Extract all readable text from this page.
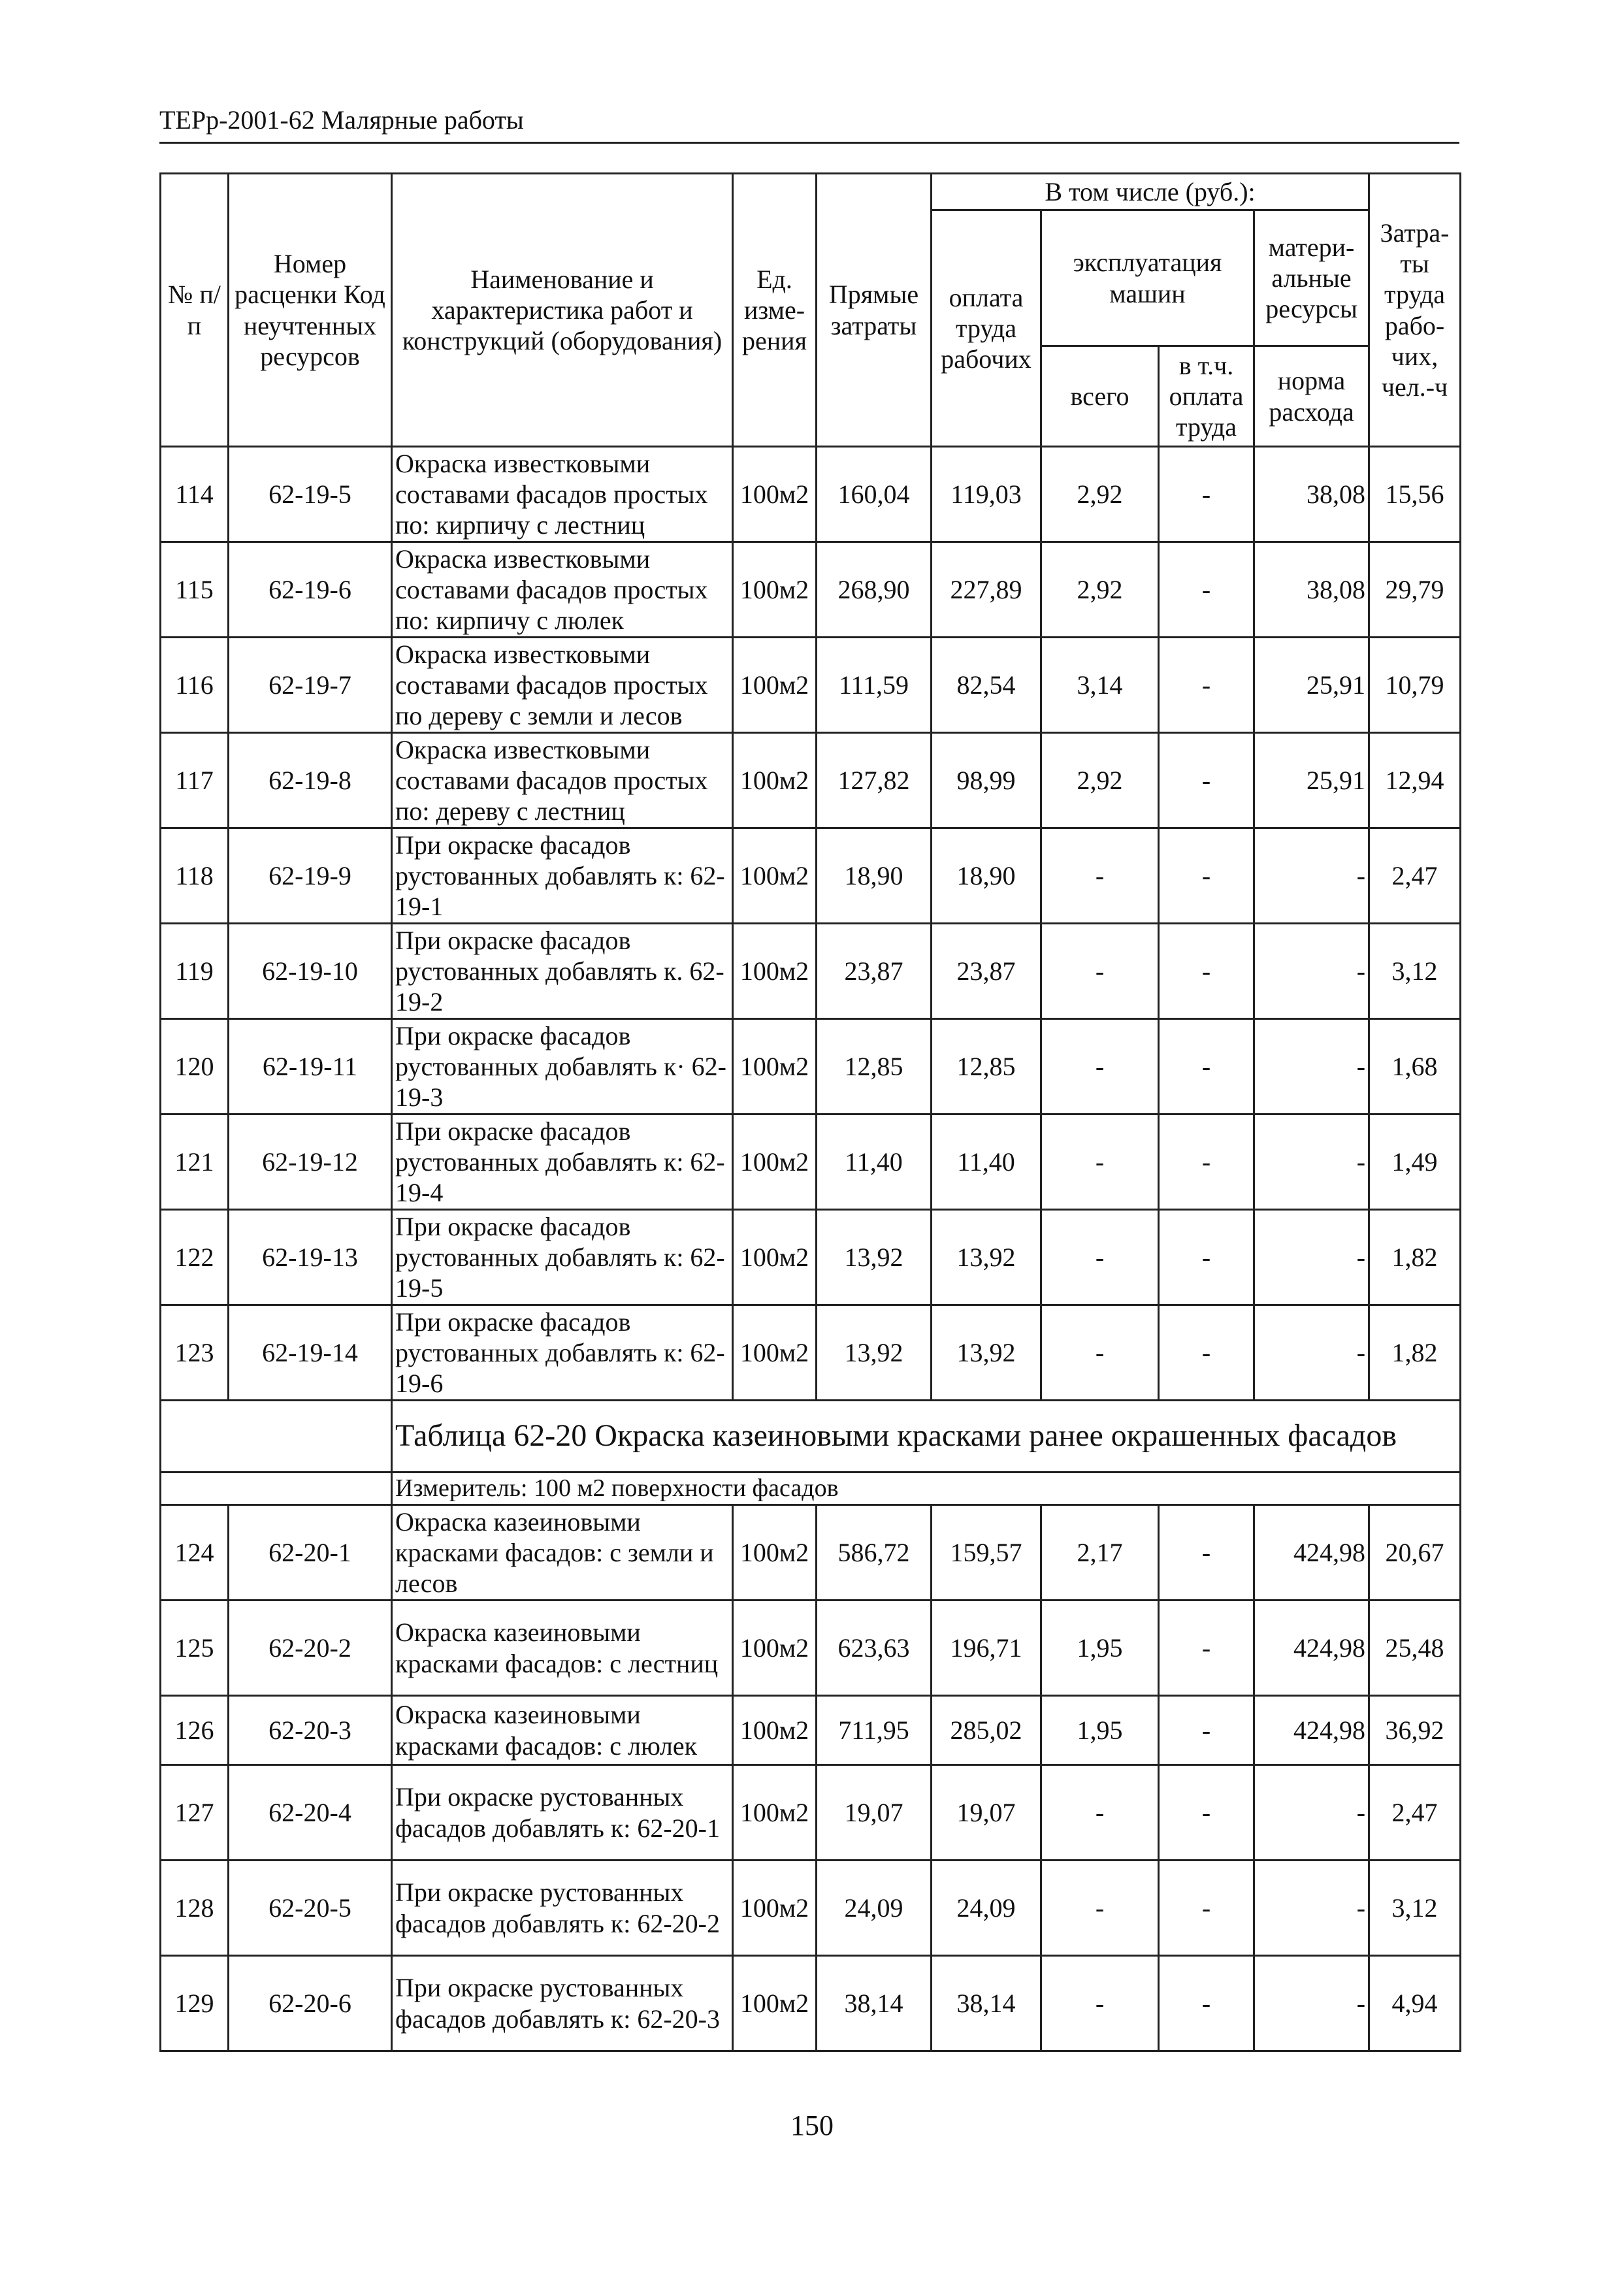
ТЕРр-2001-62 Малярные работы
№ п/п	Номер расценки Код неучтенных ресурсов	Наименование и характеристика работ и конструкций (оборудования)	Ед. изме-рения	Прямые затраты	В том числе (руб.):				Затра-ты труда рабо-чих, чел.-ч
					оплата труда рабочих	эксплуатация машин		матери-альные ресурсы	
						всего	в т.ч. оплата труда	норма расхода	

114	62-19-5	Окраска известковыми составами фасадов простых по: кирпичу с лестниц	100м2	160,04	119,03	2,92	-	38,08	15,56
115	62-19-6	Окраска известковыми составами фасадов простых по: кирпичу с люлек	100м2	268,90	227,89	2,92	-	38,08	29,79
116	62-19-7	Окраска известковыми составами фасадов простых по дереву с земли и лесов	100м2	111,59	82,54	3,14	-	25,91	10,79
117	62-19-8	Окраска известковыми составами фасадов простых по: дереву с лестниц	100м2	127,82	98,99	2,92	-	25,91	12,94
118	62-19-9	При окраске фасадов рустованных добавлять к: 62-19-1	100м2	18,90	18,90	-	-	-	2,47
119	62-19-10	При окраске фасадов рустованных добавлять к. 62-19-2	100м2	23,87	23,87	-	-	-	3,12
120	62-19-11	При окраске фасадов рустованных добавлять к· 62-19-3	100м2	12,85	12,85	-	-	-	1,68
121	62-19-12	При окраске фасадов рустованных добавлять к: 62-19-4	100м2	11,40	11,40	-	-	-	1,49
122	62-19-13	При окраске фасадов рустованных добавлять к: 62-19-5	100м2	13,92	13,92	-	-	-	1,82
123	62-19-14	При окраске фасадов рустованных добавлять к: 62-19-6	100м2	13,92	13,92	-	-	-	1,82
		Таблица 62-20 Окраска казеиновыми красками ранее окрашенных фасадов							
		Измеритель: 100 м2 поверхности фасадов							
124	62-20-1	Окраска казеиновыми красками фасадов: с земли и лесов	100м2	586,72	159,57	2,17	-	424,98	20,67
125	62-20-2	Окраска казеиновыми красками фасадов: с лестниц	100м2	623,63	196,71	1,95	-	424,98	25,48
126	62-20-3	Окраска казеиновыми красками фасадов: с люлек	100м2	711,95	285,02	1,95	-	424,98	36,92
127	62-20-4	При окраске рустованных фасадов добавлять к: 62-20-1	100м2	19,07	19,07	-	-	-	2,47
128	62-20-5	При окраске рустованных фасадов добавлять к: 62-20-2	100м2	24,09	24,09	-	-	-	3,12
129	62-20-6	При окраске рустованных фасадов добавлять к: 62-20-3	100м2	38,14	38,14	-	-	-	4,94
150
